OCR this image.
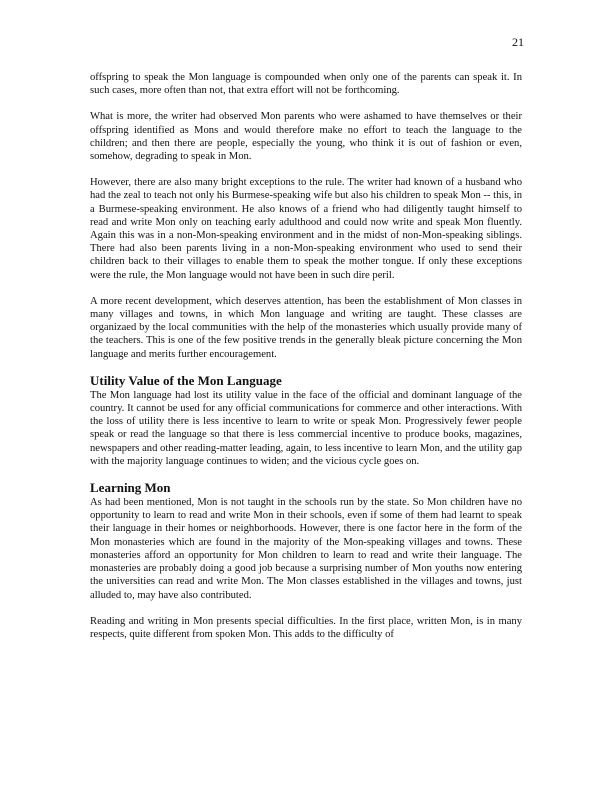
21

offspring to speak the Mon language is compounded when only one of the parents can speak it. In such cases, more often than not, that extra effort will not be forthcoming.

What is more, the writer had observed Mon parents who were ashamed to have themselves or their offspring identified as Mons and would therefore make no effort to teach the language to the children; and then there are people, especially the young, who think it is out of fashion or even, somehow, degrading to speak in Mon.

However, there are also many bright exceptions to the rule. The writer had known of a husband who had the zeal to teach not only his Burmese-speaking wife but also his children to speak Mon -- this, in a Burmese-speaking environment. He also knows of a friend who had diligently taught himself to read and write Mon only on teaching early adulthood and could now write and speak Mon fluently. Again this was in a non-Mon-speaking environment and in the midst of non-Mon-speaking siblings. There had also been parents living in a non-Mon-speaking environment who used to send their children back to their villages to enable them to speak the mother tongue. If only these exceptions were the rule, the Mon language would not have been in such dire peril.

A more recent development, which deserves attention, has been the establishment of Mon classes in many villages and towns, in which Mon language and writing are taught. These classes are organizaed by the local communities with the help of the monasteries which usually provide many of the teachers. This is one of the few positive trends in the generally bleak picture concerning the Mon language and merits further encouragement.

Utility Value of the Mon Language

The Mon language had lost its utility value in the face of the official and dominant language of the country. It cannot be used for any official communications for commerce and other interactions. With the loss of utility there is less incentive to learn to write or speak Mon. Progressively fewer people speak or read the language so that there is less commercial incentive to produce books, magazines, newspapers and other reading-matter leading, again, to less incentive to learn Mon, and the utility gap with the majority language continues to widen; and the vicious cycle goes on.

Learning Mon

As had been mentioned, Mon is not taught in the schools run by the state. So Mon children have no opportunity to learn to read and write Mon in their schools, even if some of them had learnt to speak their language in their homes or neighborhoods. However, there is one factor here in the form of the Mon monasteries which are found in the majority of the Mon-speaking villages and towns. These monasteries afford an opportunity for Mon children to learn to read and write their language. The monasteries are probably doing a good job because a surprising number of Mon youths now entering the universities can read and write Mon. The Mon classes established in the villages and towns, just alluded to, may have also contributed.

Reading and writing in Mon presents special difficulties. In the first place, written Mon, is in many respects, quite different from spoken Mon. This adds to the difficulty of
